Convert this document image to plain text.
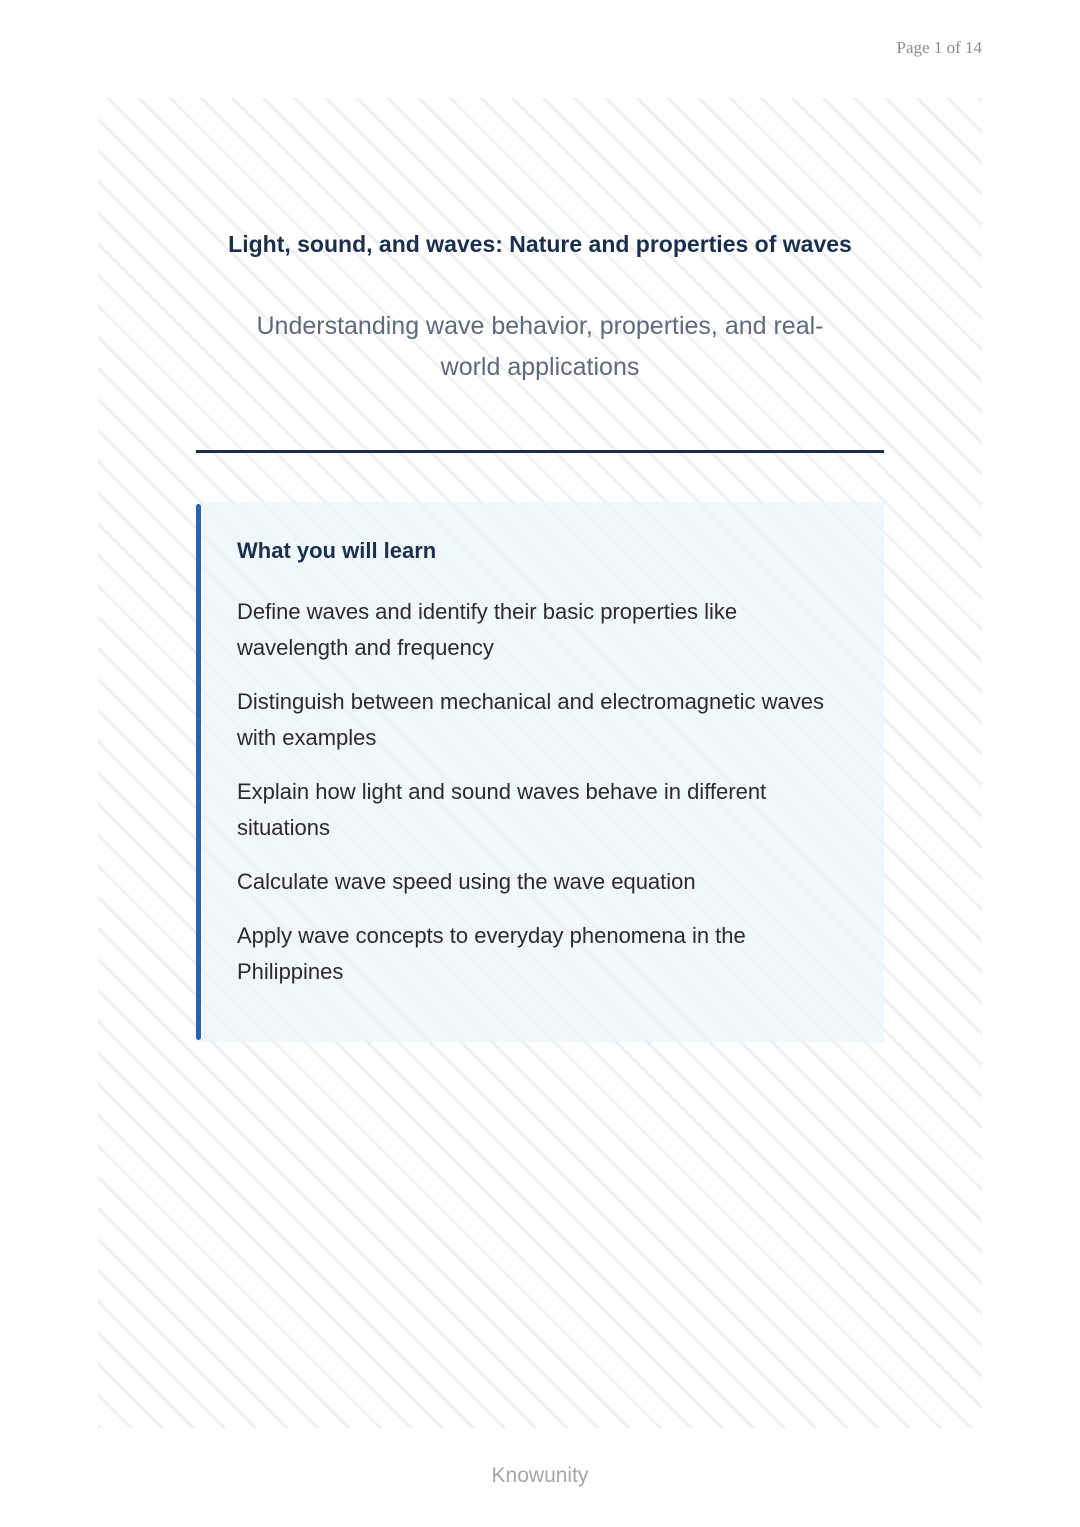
Page 1 of 14
Light, sound, and waves: Nature and properties of waves
Understanding wave behavior, properties, and real-world applications
What you will learn
Define waves and identify their basic properties like wavelength and frequency
Distinguish between mechanical and electromagnetic waves with examples
Explain how light and sound waves behave in different situations
Calculate wave speed using the wave equation
Apply wave concepts to everyday phenomena in the Philippines
Knowunity
